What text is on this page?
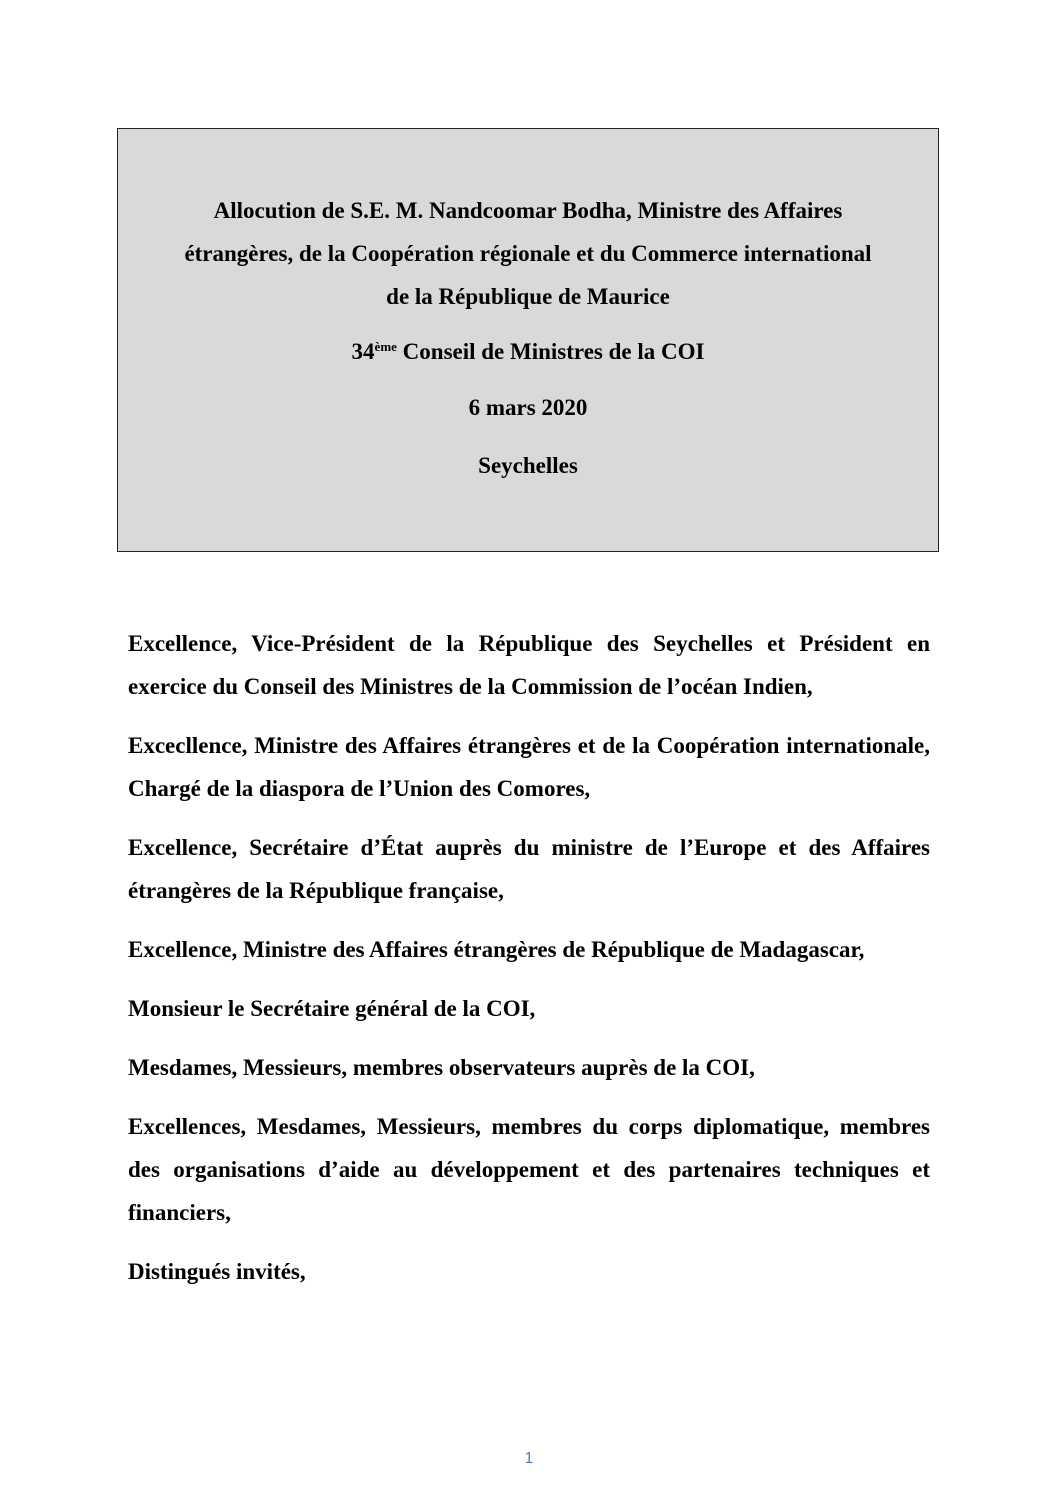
Allocution de S.E. M. Nandcoomar Bodha, Ministre des Affaires
étrangères, de la Coopération régionale et du Commerce international
de la République de Maurice
34ème Conseil de Ministres de la COI
6 mars 2020
Seychelles

Excellence, Vice-Président de la République des Seychelles et Président en exercice du Conseil des Ministres de la Commission de l’océan Indien,

Exceсllence, Ministre des Affaires étrangères et de la Coopération internationale, Chargé de la diaspora de l’Union des Comores,

Excellence, Secrétaire d’État auprès du ministre de l’Europe et des Affaires étrangères de la République française,

Excellence, Ministre des Affaires étrangères de République de Madagascar,

Monsieur le Secrétaire général de la COI,

Mesdames, Messieurs, membres observateurs auprès de la COI,

Excellences, Mesdames, Messieurs, membres du corps diplomatique, membres des organisations d’aide au développement et des partenaires techniques et financiers,

Distingués invités,

1
